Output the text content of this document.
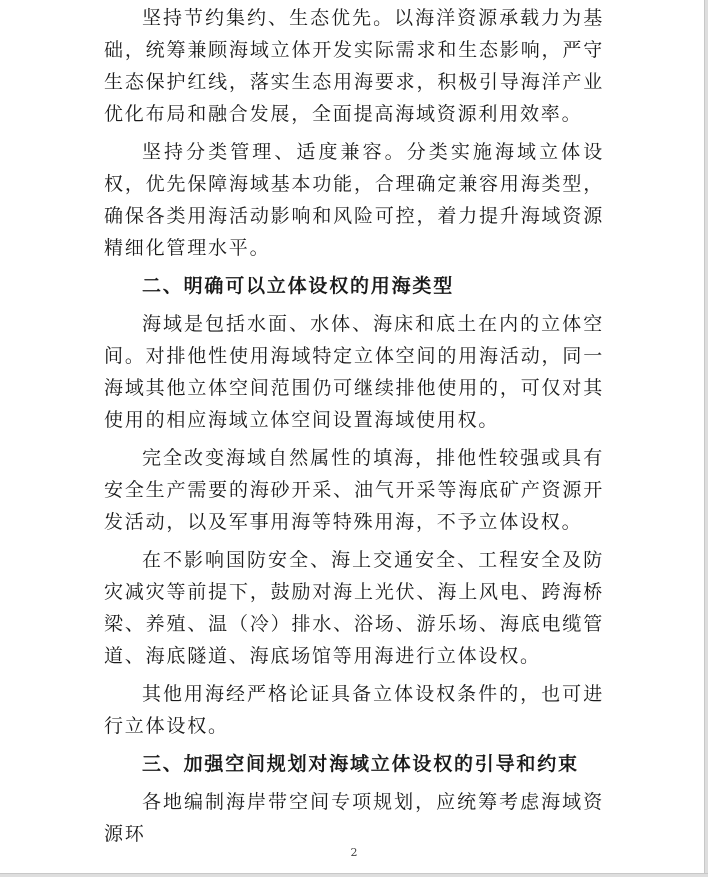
坚持节约集约、生态优先。以海洋资源承载力为基础，统筹兼顾海域立体开发实际需求和生态影响，严守生态保护红线，落实生态用海要求，积极引导海洋产业优化布局和融合发展，全面提高海域资源利用效率。

坚持分类管理、适度兼容。分类实施海域立体设权，优先保障海域基本功能，合理确定兼容用海类型，确保各类用海活动影响和风险可控，着力提升海域资源精细化管理水平。

二、明确可以立体设权的用海类型

海域是包括水面、水体、海床和底土在内的立体空间。对排他性使用海域特定立体空间的用海活动，同一海域其他立体空间范围仍可继续排他使用的，可仅对其使用的相应海域立体空间设置海域使用权。

完全改变海域自然属性的填海，排他性较强或具有安全生产需要的海砂开采、油气开采等海底矿产资源开发活动，以及军事用海等特殊用海，不予立体设权。

在不影响国防安全、海上交通安全、工程安全及防灾减灾等前提下，鼓励对海上光伏、海上风电、跨海桥梁、养殖、温（冷）排水、浴场、游乐场、海底电缆管道、海底隧道、海底场馆等用海进行立体设权。

其他用海经严格论证具备立体设权条件的，也可进行立体设权。

三、加强空间规划对海域立体设权的引导和约束

各地编制海岸带空间专项规划，应统筹考虑海域资源环

2
